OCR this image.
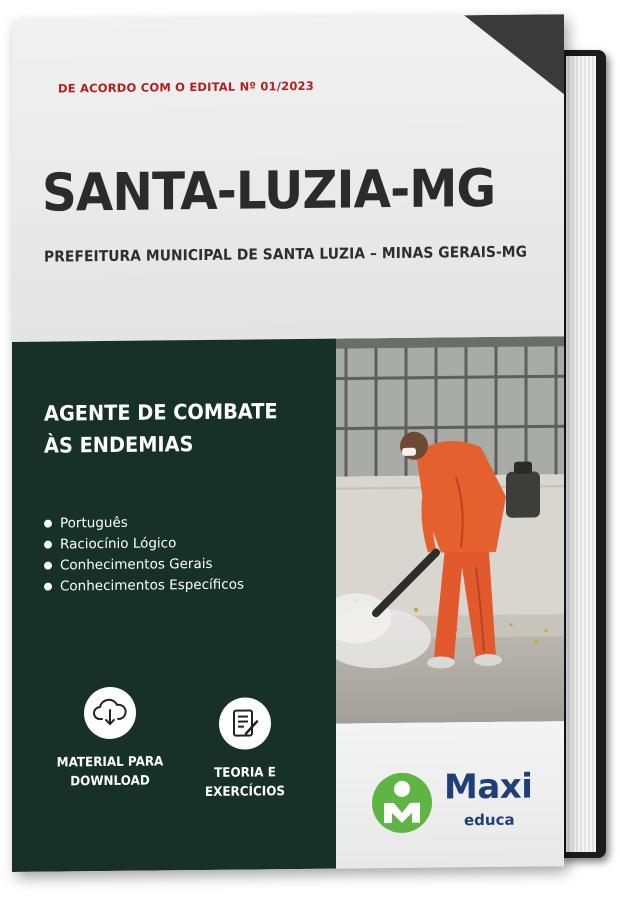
DE ACORDO COM O EDITAL Nº 01/2023
SANTA-LUZIA-MG
PREFEITURA MUNICIPAL DE SANTA LUZIA – MINAS GERAIS-MG
AGENTE DE COMBATE
ÀS ENDEMIAS
Português
Raciocínio Lógico
Conhecimentos Gerais
Conhecimentos Específicos
MATERIAL PARA
DOWNLOAD
TEORIA E
EXERCÍCIOS	Maxi
educa
